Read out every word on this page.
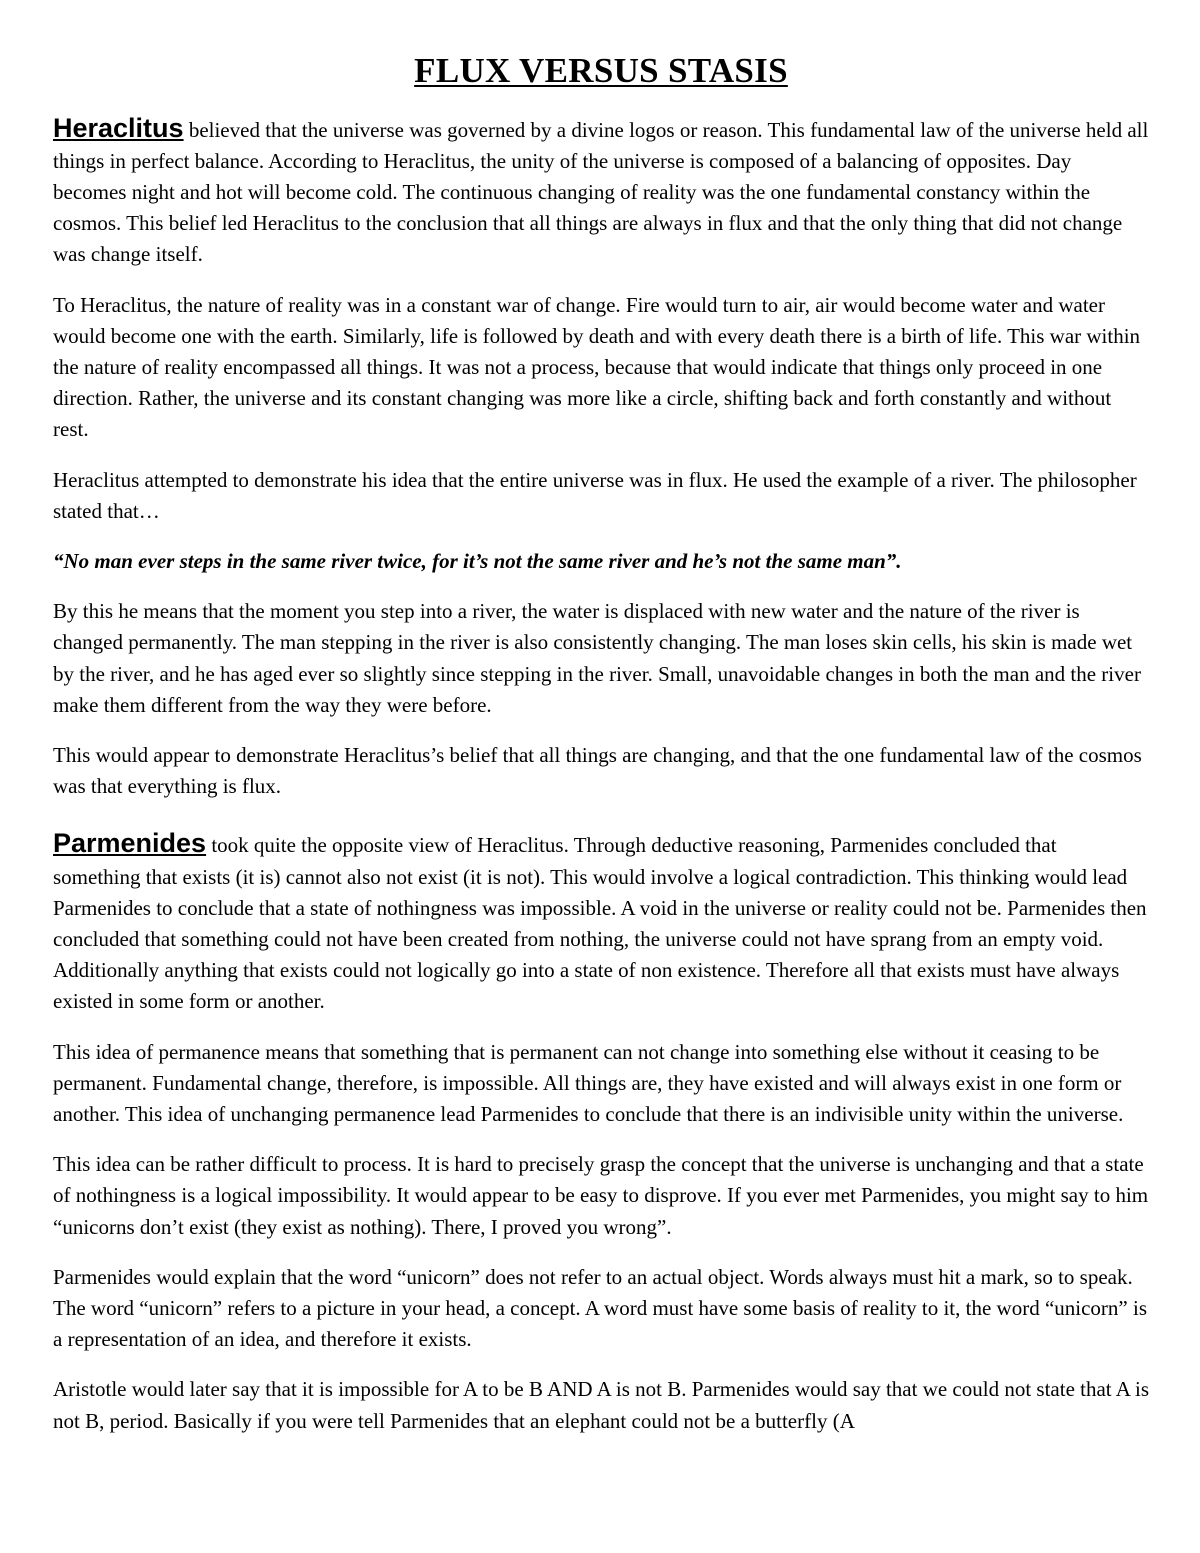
FLUX VERSUS STASIS

Heraclitus believed that the universe was governed by a divine logos or reason. This fundamental law of the universe held all things in perfect balance. According to Heraclitus, the unity of the universe is composed of a balancing of opposites. Day becomes night and hot will become cold. The continuous changing of reality was the one fundamental constancy within the cosmos. This belief led Heraclitus to the conclusion that all things are always in flux and that the only thing that did not change was change itself.

To Heraclitus, the nature of reality was in a constant war of change. Fire would turn to air, air would become water and water would become one with the earth. Similarly, life is followed by death and with every death there is a birth of life. This war within the nature of reality encompassed all things. It was not a process, because that would indicate that things only proceed in one direction. Rather, the universe and its constant changing was more like a circle, shifting back and forth constantly and without rest.

Heraclitus attempted to demonstrate his idea that the entire universe was in flux. He used the example of a river. The philosopher stated that…

“No man ever steps in the same river twice, for it’s not the same river and he’s not the same man”.

By this he means that the moment you step into a river, the water is displaced with new water and the nature of the river is changed permanently. The man stepping in the river is also consistently changing. The man loses skin cells, his skin is made wet by the river, and he has aged ever so slightly since stepping in the river. Small, unavoidable changes in both the man and the river make them different from the way they were before.

This would appear to demonstrate Heraclitus’s belief that all things are changing, and that the one fundamental law of the cosmos was that everything is flux.

Parmenides took quite the opposite view of Heraclitus. Through deductive reasoning, Parmenides concluded that something that exists (it is) cannot also not exist (it is not). This would involve a logical contradiction. This thinking would lead Parmenides to conclude that a state of nothingness was impossible. A void in the universe or reality could not be. Parmenides then concluded that something could not have been created from nothing, the universe could not have sprang from an empty void. Additionally anything that exists could not logically go into a state of non existence. Therefore all that exists must have always existed in some form or another.

This idea of permanence means that something that is permanent can not change into something else without it ceasing to be permanent. Fundamental change, therefore, is impossible. All things are, they have existed and will always exist in one form or another. This idea of unchanging permanence lead Parmenides to conclude that there is an indivisible unity within the universe.

This idea can be rather difficult to process. It is hard to precisely grasp the concept that the universe is unchanging and that a state of nothingness is a logical impossibility. It would appear to be easy to disprove. If you ever met Parmenides, you might say to him “unicorns don’t exist (they exist as nothing). There, I proved you wrong”.

Parmenides would explain that the word “unicorn” does not refer to an actual object. Words always must hit a mark, so to speak. The word “unicorn” refers to a picture in your head, a concept. A word must have some basis of reality to it, the word “unicorn” is a representation of an idea, and therefore it exists.

Aristotle would later say that it is impossible for A to be B AND A is not B. Parmenides would say that we could not state that A is not B, period. Basically if you were tell Parmenides that an elephant could not be a butterfly (A
